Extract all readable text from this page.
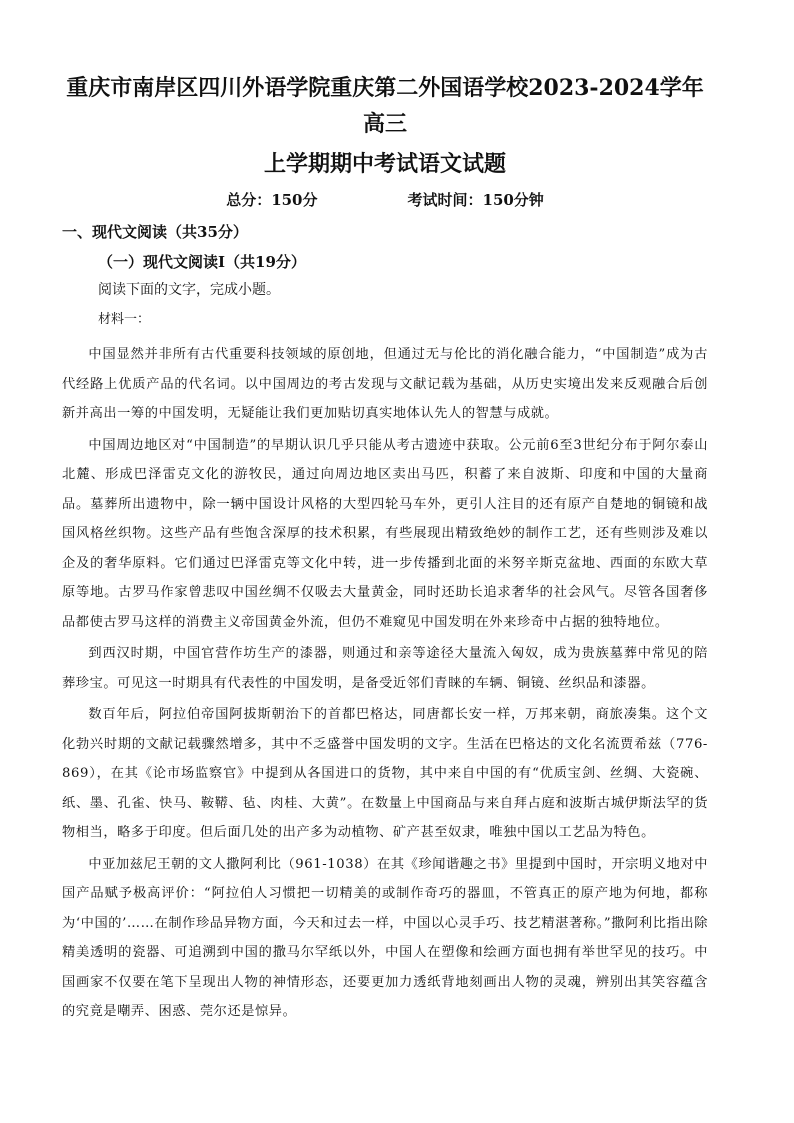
重庆市南岸区四川外语学院重庆第二外国语学校2023-2024学年高三
上学期期中考试语文试题
总分：150分	考试时间：150分钟
一、现代文阅读（共35分）
（一）现代文阅读Ⅰ（共19分）
阅读下面的文字，完成小题。
材料一：

中国显然并非所有古代重要科技领域的原创地，但通过无与伦比的消化融合能力，“中国制造”成为古代经路上优质产品的代名词。以中国周边的考古发现与文献记载为基础，从历史实境出发来反观融合后创新并高出一筹的中国发明，无疑能让我们更加贴切真实地体认先人的智慧与成就。

中国周边地区对“中国制造”的早期认识几乎只能从考古遗迹中获取。公元前6至3世纪分布于阿尔泰山北麓、形成巴泽雷克文化的游牧民，通过向周边地区卖出马匹，积蓄了来自波斯、印度和中国的大量商品。墓葬所出遗物中，除一辆中国设计风格的大型四轮马车外，更引人注目的还有原产自楚地的铜镜和战国风格丝织物。这些产品有些饱含深厚的技术积累，有些展现出精致绝妙的制作工艺，还有些则涉及难以企及的奢华原料。它们通过巴泽雷克等文化中转，进一步传播到北面的米努辛斯克盆地、西面的东欧大草原等地。古罗马作家曾悲叹中国丝绸不仅吸去大量黄金，同时还助长追求奢华的社会风气。尽管各国奢侈品都使古罗马这样的消费主义帝国黄金外流，但仍不难窥见中国发明在外来珍奇中占据的独特地位。

到西汉时期，中国官营作坊生产的漆器，则通过和亲等途径大量流入匈奴，成为贵族墓葬中常见的陪葬珍宝。可见这一时期具有代表性的中国发明，是备受近邻们青睐的车辆、铜镜、丝织品和漆器。

数百年后，阿拉伯帝国阿拔斯朝治下的首都巴格达，同唐都长安一样，万邦来朝，商旅凑集。这个文化勃兴时期的文献记载骤然增多，其中不乏盛誉中国发明的文字。生活在巴格达的文化名流贾希兹（776-869），在其《论市场监察官》中提到从各国进口的货物，其中来自中国的有“优质宝剑、丝绸、大瓷碗、纸、墨、孔雀、快马、鞍鞯、毡、肉桂、大黄”。在数量上中国商品与来自拜占庭和波斯古城伊斯法罕的货物相当，略多于印度。但后面几处的出产多为动植物、矿产甚至奴隶，唯独中国以工艺品为特色。

中亚加兹尼王朝的文人撒阿利比（961-1038）在其《珍闻谐趣之书》里提到中国时，开宗明义地对中国产品赋予极高评价：“阿拉伯人习惯把一切精美的或制作奇巧的器皿，不管真正的原产地为何地，都称为‘中国的’……在制作珍品异物方面，今天和过去一样，中国以心灵手巧、技艺精湛著称。”撒阿利比指出除精美透明的瓷器、可追溯到中国的撒马尔罕纸以外，中国人在塑像和绘画方面也拥有举世罕见的技巧。中国画家不仅要在笔下呈现出人物的神情形态，还要更加力透纸背地刻画出人物的灵魂，辨别出其笑容蕴含的究竟是嘲弄、困惑、莞尔还是惊异。
